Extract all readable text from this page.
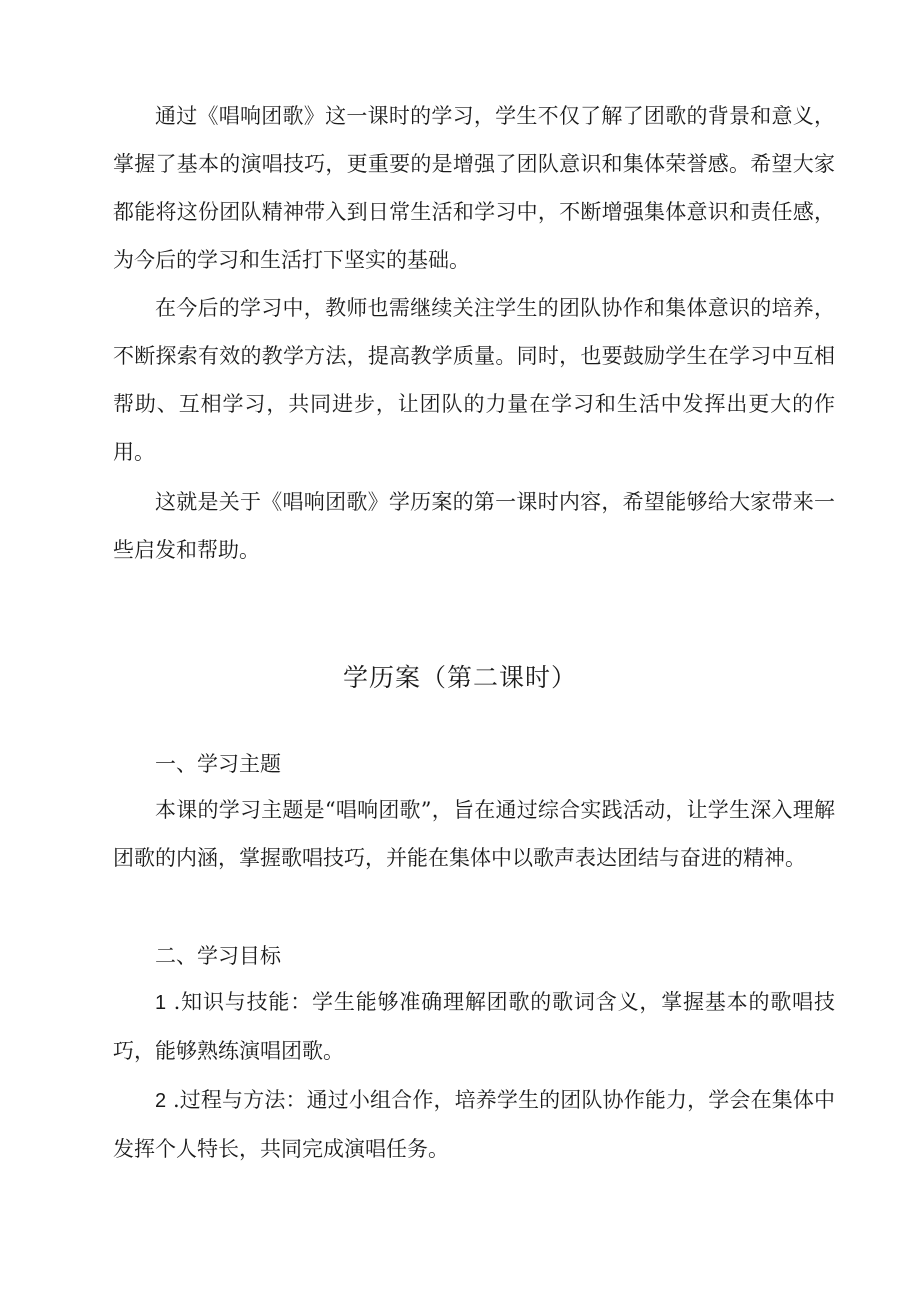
通过《唱响团歌》这一课时的学习，学生不仅了解了团歌的背景和意义，掌握了基本的演唱技巧，更重要的是增强了团队意识和集体荣誉感。希望大家都能将这份团队精神带入到日常生活和学习中，不断增强集体意识和责任感，为今后的学习和生活打下坚实的基础。

在今后的学习中，教师也需继续关注学生的团队协作和集体意识的培养，不断探索有效的教学方法，提高教学质量。同时，也要鼓励学生在学习中互相帮助、互相学习，共同进步，让团队的力量在学习和生活中发挥出更大的作用。

这就是关于《唱响团歌》学历案的第一课时内容，希望能够给大家带来一些启发和帮助。

学历案（第二课时）

一、学习主题

本课的学习主题是“唱响团歌”，旨在通过综合实践活动，让学生深入理解团歌的内涵，掌握歌唱技巧，并能在集体中以歌声表达团结与奋进的精神。

二、学习目标

1 .知识与技能：学生能够准确理解团歌的歌词含义，掌握基本的歌唱技巧，能够熟练演唱团歌。

2 .过程与方法：通过小组合作，培养学生的团队协作能力，学会在集体中发挥个人特长，共同完成演唱任务。
